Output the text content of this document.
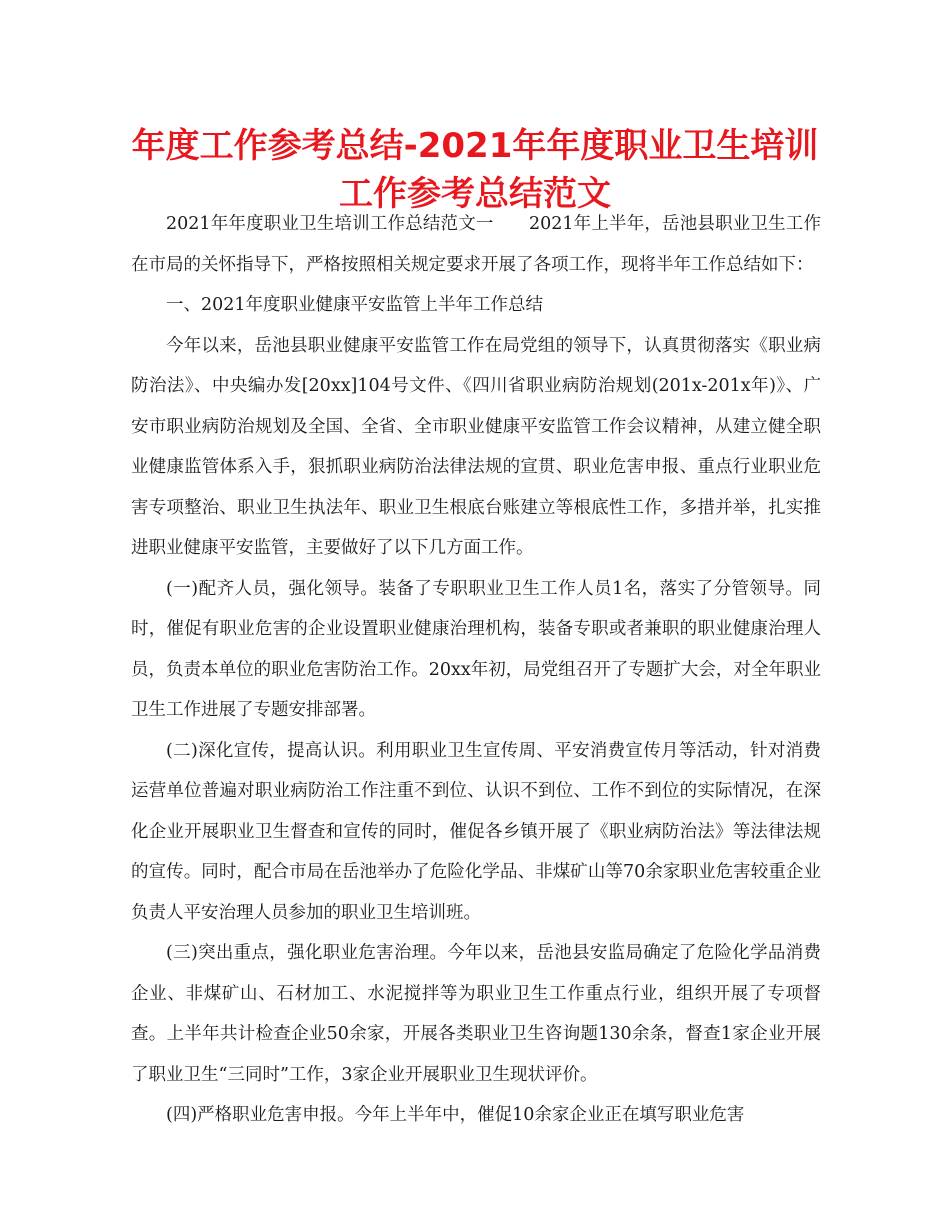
年度工作参考总结-2021年年度职业卫生培训工作参考总结范文

2021年年度职业卫生培训工作总结范文一　　2021年上半年，岳池县职业卫生工作在市局的关怀指导下，严格按照相关规定要求开展了各项工作，现将半年工作总结如下：

一、2021年度职业健康平安监管上半年工作总结

今年以来，岳池县职业健康平安监管工作在局党组的领导下，认真贯彻落实《职业病防治法》、中央编办发[20xx]104号文件、《四川省职业病防治规划(201x-201x年)》、广安市职业病防治规划及全国、全省、全市职业健康平安监管工作会议精神，从建立健全职业健康监管体系入手，狠抓职业病防治法律法规的宣贯、职业危害申报、重点行业职业危害专项整治、职业卫生执法年、职业卫生根底台账建立等根底性工作，多措并举，扎实推进职业健康平安监管，主要做好了以下几方面工作。

(一)配齐人员，强化领导。装备了专职职业卫生工作人员1名，落实了分管领导。同时，催促有职业危害的企业设置职业健康治理机构，装备专职或者兼职的职业健康治理人员，负责本单位的职业危害防治工作。20xx年初，局党组召开了专题扩大会，对全年职业卫生工作进展了专题安排部署。

(二)深化宣传，提高认识。利用职业卫生宣传周、平安消费宣传月等活动，针对消费运营单位普遍对职业病防治工作注重不到位、认识不到位、工作不到位的实际情况，在深化企业开展职业卫生督查和宣传的同时，催促各乡镇开展了《职业病防治法》等法律法规的宣传。同时，配合市局在岳池举办了危险化学品、非煤矿山等70余家职业危害较重企业负责人平安治理人员参加的职业卫生培训班。

(三)突出重点，强化职业危害治理。今年以来，岳池县安监局确定了危险化学品消费企业、非煤矿山、石材加工、水泥搅拌等为职业卫生工作重点行业，组织开展了专项督查。上半年共计检查企业50余家，开展各类职业卫生咨询题130余条，督查1家企业开展了职业卫生“三同时”工作，3家企业开展职业卫生现状评价。

(四)严格职业危害申报。今年上半年中，催促10余家企业正在填写职业危害
